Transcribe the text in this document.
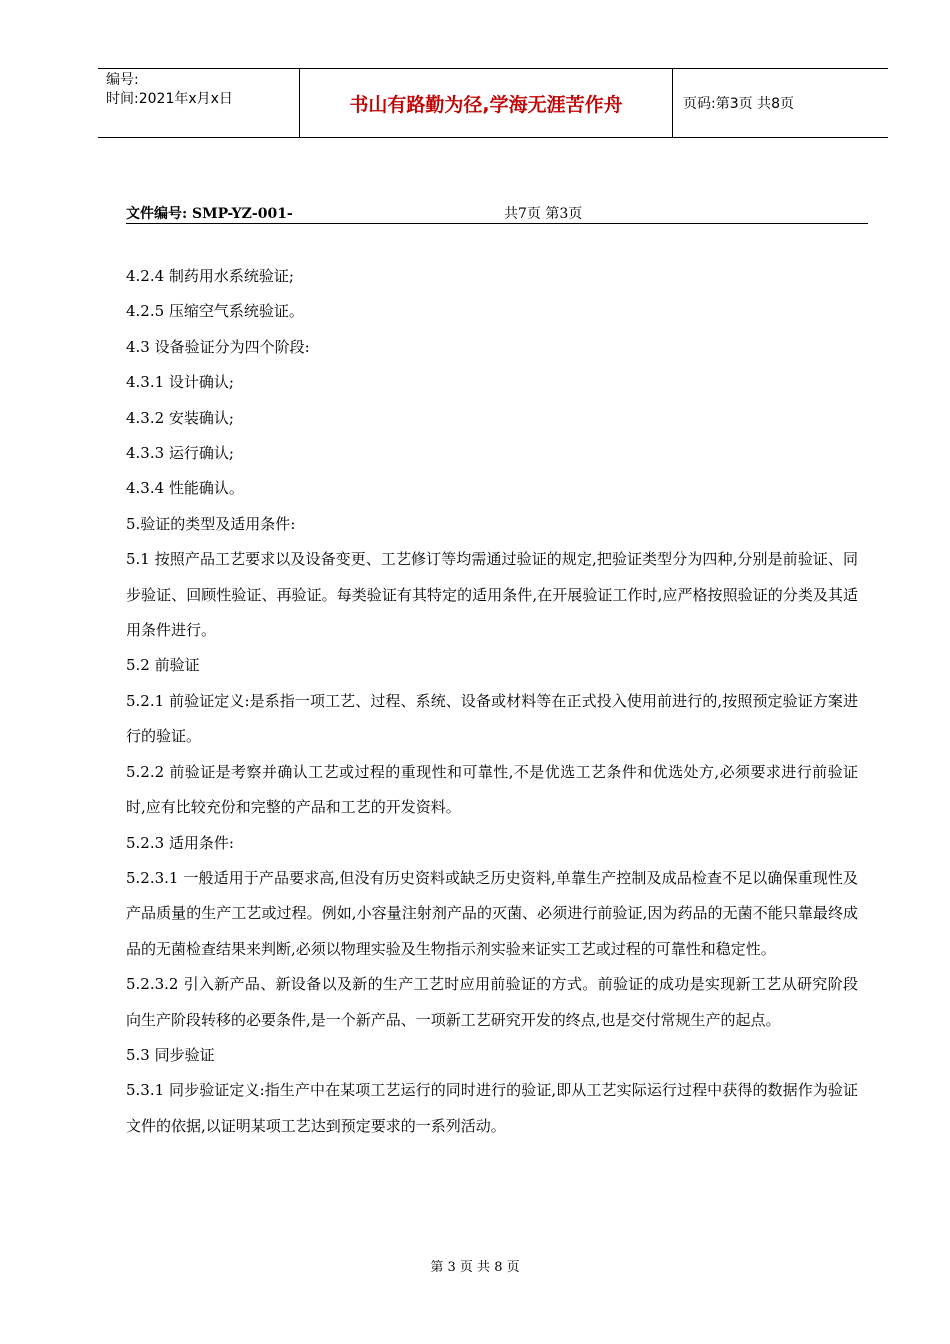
编号:
时间:2021年x月x日	书山有路勤为径,学海无涯苦作舟	页码:第3页 共8页
文件编号: SMP-YZ-001-	共7页 第3页

4.2.4 制药用水系统验证;

4.2.5 压缩空气系统验证。

4.3 设备验证分为四个阶段:

4.3.1 设计确认;

4.3.2 安装确认;

4.3.3 运行确认;

4.3.4 性能确认。

5.验证的类型及适用条件:

5.1 按照产品工艺要求以及设备变更、工艺修订等均需通过验证的规定,把验证类型分为四种,分别是前验证、同步验证、回顾性验证、再验证。每类验证有其特定的适用条件,在开展验证工作时,应严格按照验证的分类及其适用条件进行。

5.2 前验证

5.2.1 前验证定义:是系指一项工艺、过程、系统、设备或材料等在正式投入使用前进行的,按照预定验证方案进行的验证。

5.2.2 前验证是考察并确认工艺或过程的重现性和可靠性,不是优选工艺条件和优选处方,必须要求进行前验证时,应有比较充份和完整的产品和工艺的开发资料。

5.2.3 适用条件:

5.2.3.1 一般适用于产品要求高,但没有历史资料或缺乏历史资料,单靠生产控制及成品检查不足以确保重现性及产品质量的生产工艺或过程。例如,小容量注射剂产品的灭菌、必须进行前验证,因为药品的无菌不能只靠最终成品的无菌检查结果来判断,必须以物理实验及生物指示剂实验来证实工艺或过程的可靠性和稳定性。

5.2.3.2 引入新产品、新设备以及新的生产工艺时应用前验证的方式。前验证的成功是实现新工艺从研究阶段向生产阶段转移的必要条件,是一个新产品、一项新工艺研究开发的终点,也是交付常规生产的起点。

5.3 同步验证

5.3.1 同步验证定义:指生产中在某项工艺运行的同时进行的验证,即从工艺实际运行过程中获得的数据作为验证文件的依据,以证明某项工艺达到预定要求的一系列活动。

第 3 页 共 8 页
